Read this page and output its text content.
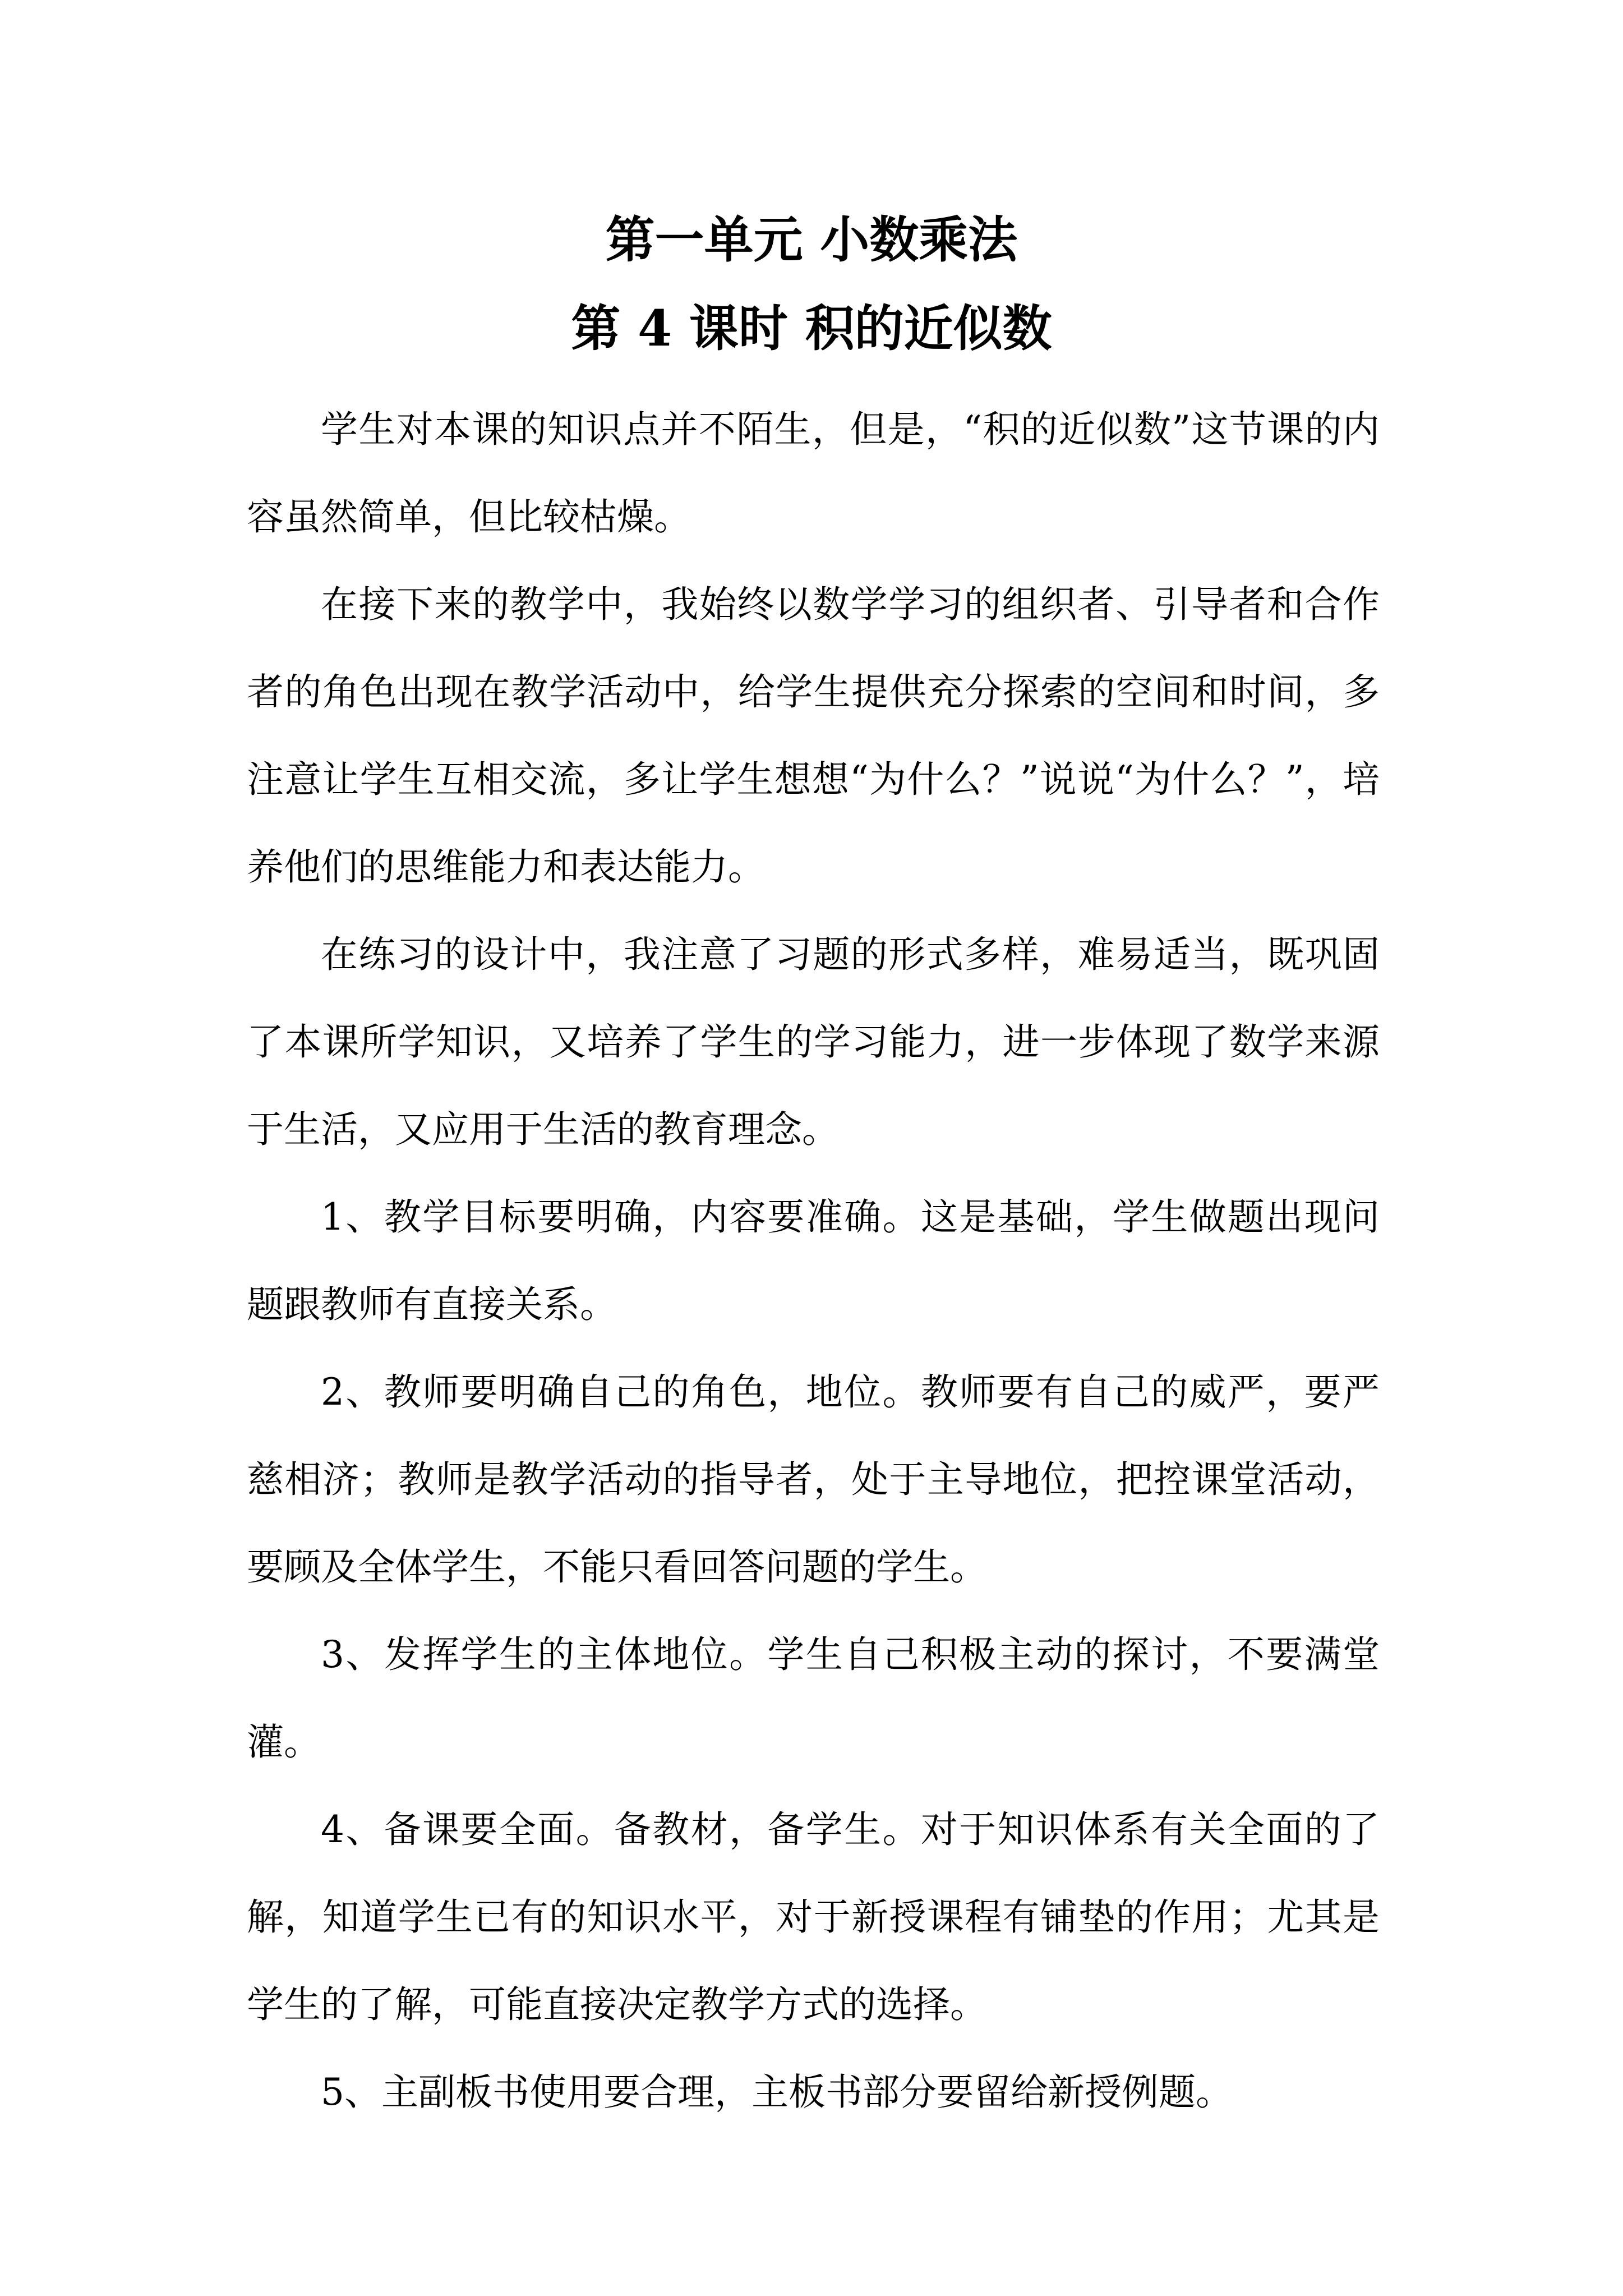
第一单元 小数乘法
第 4 课时 积的近似数

学生对本课的知识点并不陌生，但是，“积的近似数”这节课的内容虽然简单，但比较枯燥。

在接下来的教学中，我始终以数学学习的组织者、引导者和合作者的角色出现在教学活动中，给学生提供充分探索的空间和时间，多注意让学生互相交流，多让学生想想“为什么？”说说“为什么？”，培养他们的思维能力和表达能力。

在练习的设计中，我注意了习题的形式多样，难易适当，既巩固了本课所学知识，又培养了学生的学习能力，进一步体现了数学来源于生活，又应用于生活的教育理念。

1、教学目标要明确，内容要准确。这是基础，学生做题出现问题跟教师有直接关系。

2、教师要明确自己的角色，地位。教师要有自己的威严，要严慈相济；教师是教学活动的指导者，处于主导地位，把控课堂活动，要顾及全体学生，不能只看回答问题的学生。

3、发挥学生的主体地位。学生自己积极主动的探讨，不要满堂灌。

4、备课要全面。备教材，备学生。对于知识体系有关全面的了解，知道学生已有的知识水平，对于新授课程有铺垫的作用；尤其是学生的了解，可能直接决定教学方式的选择。

5、主副板书使用要合理，主板书部分要留给新授例题。
